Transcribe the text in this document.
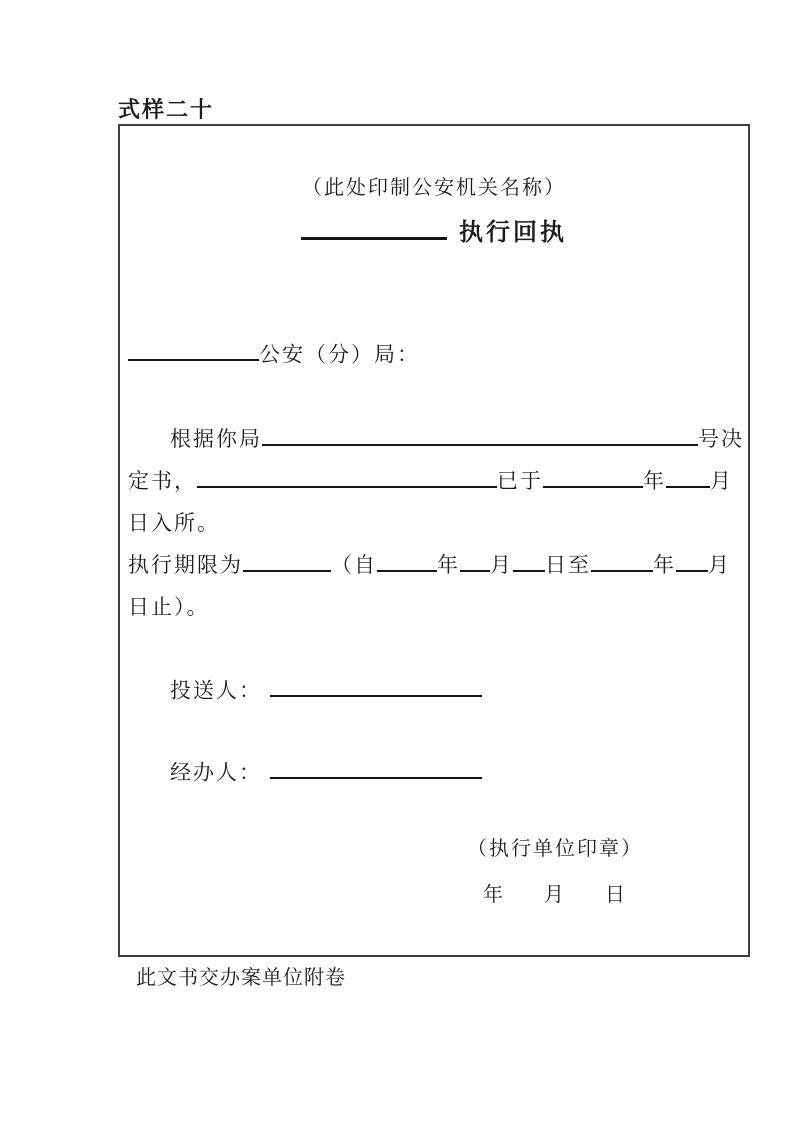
式样二十
（此处印制公安机关名称）
执行回执
公安（分）局：
根据你局	号决
定书，	已于	年 月
日入所。
执行期限为	（自	年 月 日至	年 月
日止）。
投送人：
经办人：
（执行单位印章）
年 月 日
此文书交办案单位附卷
